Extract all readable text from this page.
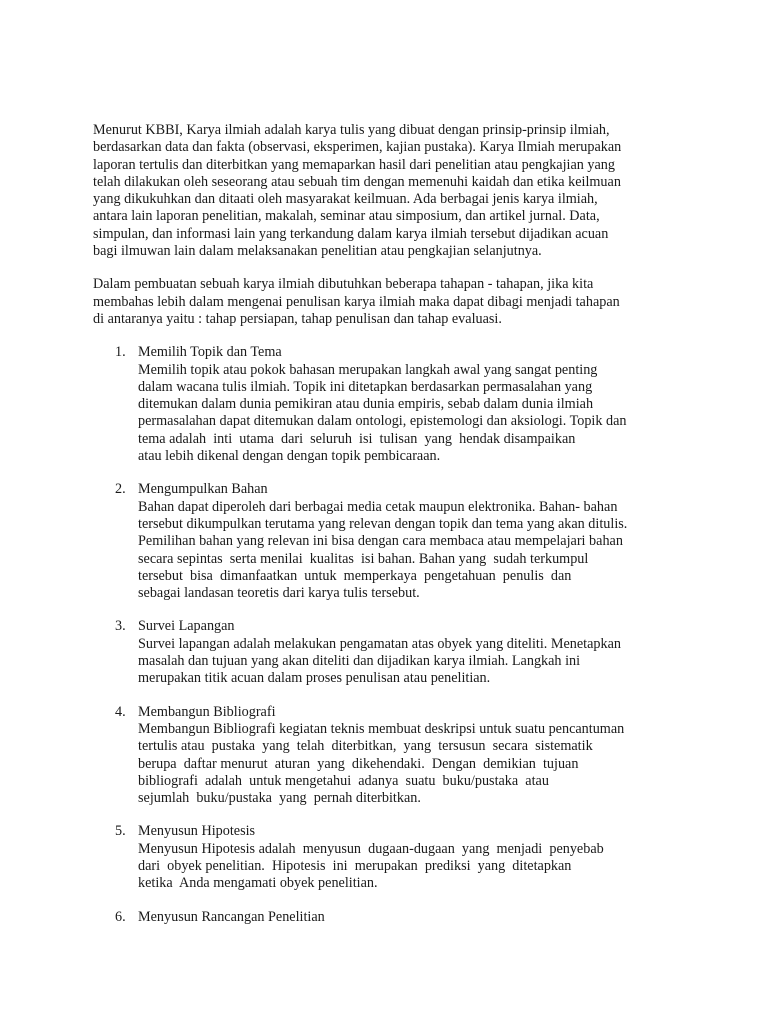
Menurut KBBI, Karya ilmiah adalah karya tulis yang dibuat dengan prinsip-prinsip ilmiah,
berdasarkan data dan fakta (observasi, eksperimen, kajian pustaka). Karya Ilmiah merupakan
laporan tertulis dan diterbitkan yang memaparkan hasil dari penelitian atau pengkajian yang
telah dilakukan oleh seseorang atau sebuah tim dengan memenuhi kaidah dan etika keilmuan
yang dikukuhkan dan ditaati oleh masyarakat keilmuan. Ada berbagai jenis karya ilmiah,
antara lain laporan penelitian, makalah, seminar atau simposium, dan artikel jurnal. Data,
simpulan, dan informasi lain yang terkandung dalam karya ilmiah tersebut dijadikan acuan
bagi ilmuwan lain dalam melaksanakan penelitian atau pengkajian selanjutnya.
Dalam pembuatan sebuah karya ilmiah dibutuhkan beberapa tahapan - tahapan, jika kita
membahas lebih dalam mengenai penulisan karya ilmiah maka dapat dibagi menjadi tahapan
di antaranya yaitu : tahap persiapan, tahap penulisan dan tahap evaluasi.
1. Memilih Topik dan Tema
Memilih topik atau pokok bahasan merupakan langkah awal yang sangat penting
dalam wacana tulis ilmiah. Topik ini ditetapkan berdasarkan permasalahan yang
ditemukan dalam dunia pemikiran atau dunia empiris, sebab dalam dunia ilmiah
permasalahan dapat ditemukan dalam ontologi, epistemologi dan aksiologi. Topik dan
tema adalah  inti  utama  dari  seluruh  isi  tulisan  yang  hendak disampaikan
atau lebih dikenal dengan dengan topik pembicaraan.
2. Mengumpulkan Bahan
Bahan dapat diperoleh dari berbagai media cetak maupun elektronika. Bahan- bahan
tersebut dikumpulkan terutama yang relevan dengan topik dan tema yang akan ditulis.
Pemilihan bahan yang relevan ini bisa dengan cara membaca atau mempelajari bahan
secara sepintas  serta menilai  kualitas  isi bahan. Bahan yang  sudah terkumpul
tersebut  bisa  dimanfaatkan  untuk  memperkaya  pengetahuan  penulis  dan
sebagai landasan teoretis dari karya tulis tersebut.
3. Survei Lapangan
Survei lapangan adalah melakukan pengamatan atas obyek yang diteliti. Menetapkan
masalah dan tujuan yang akan diteliti dan dijadikan karya ilmiah. Langkah ini
merupakan titik acuan dalam proses penulisan atau penelitian.
4. Membangun Bibliografi
Membangun Bibliografi kegiatan teknis membuat deskripsi untuk suatu pencantuman
tertulis atau  pustaka  yang  telah  diterbitkan,  yang  tersusun  secara  sistematik
berupa  daftar menurut  aturan  yang  dikehendaki.  Dengan  demikian  tujuan
bibliografi  adalah  untuk mengetahui  adanya  suatu  buku/pustaka  atau
sejumlah  buku/pustaka  yang  pernah diterbitkan.
5. Menyusun Hipotesis
Menyusun Hipotesis adalah  menyusun  dugaan-dugaan  yang  menjadi  penyebab
dari  obyek penelitian.  Hipotesis  ini  merupakan  prediksi  yang  ditetapkan
ketika  Anda mengamati obyek penelitian.
6. Menyusun Rancangan Penelitian
